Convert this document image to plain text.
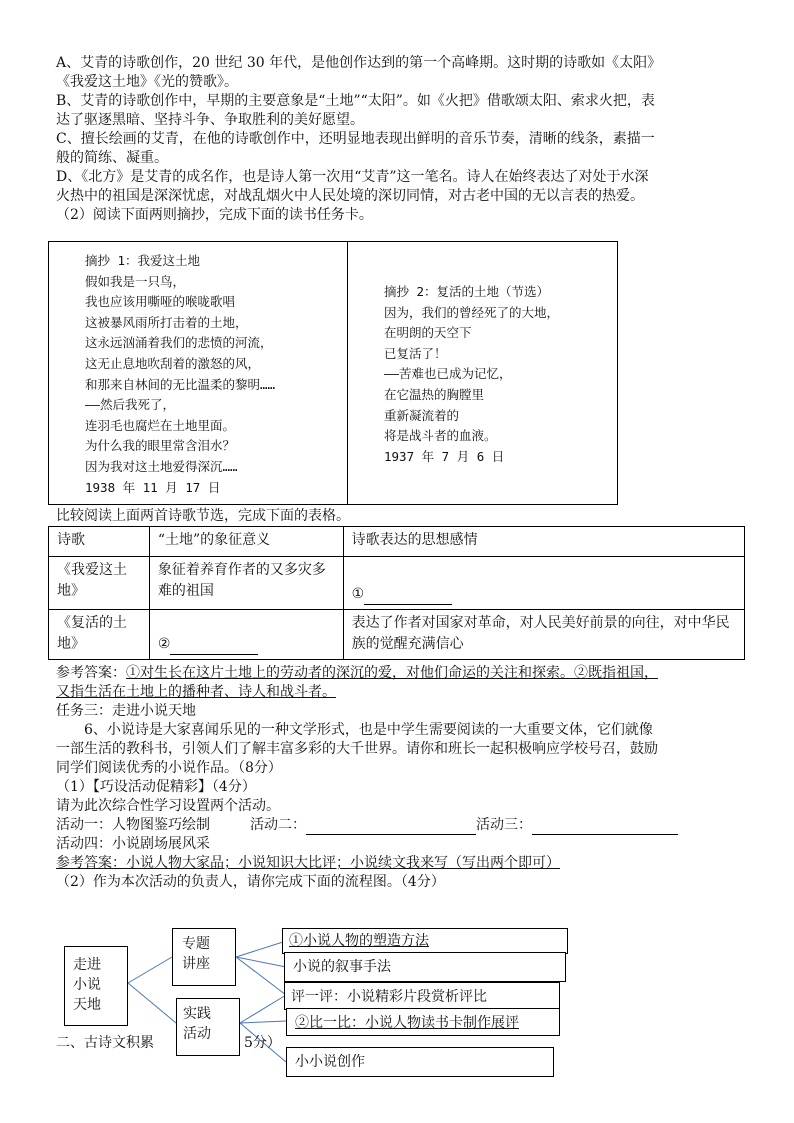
A、艾青的诗歌创作，20 世纪 30 年代，是他创作达到的第一个高峰期。这时期的诗歌如《太阳》

《我爱这土地》《光的赞歌》。

B、艾青的诗歌创作中，早期的主要意象是“土地”“太阳”。如《火把》借歌颂太阳、索求火把，表

达了驱逐黑暗、坚持斗争、争取胜利的美好愿望。

C、擅长绘画的艾青，在他的诗歌创作中，还明显地表现出鲜明的音乐节奏，清晰的线条，素描一

般的简练、凝重。

D、《北方》是艾青的成名作，也是诗人第一次用“艾青”这一笔名。诗人在始终表达了对处于水深

火热中的祖国是深深忧虑，对战乱烟火中人民处境的深切同情，对古老中国的无以言表的热爱。

（2）阅读下面两则摘抄，完成下面的读书任务卡。

摘抄 1：我爱这土地
假如我是一只鸟，
我也应该用嘶哑的喉咙歌唱
这被暴风雨所打击着的土地，
这永远汹涌着我们的悲愤的河流，
这无止息地吹刮着的激怒的风，
和那来自林间的无比温柔的黎明……
——然后我死了，
连羽毛也腐烂在土地里面。
为什么我的眼里常含泪水？
因为我对这土地爱得深沉……
1938 年 11 月 17 日
摘抄 2：复活的土地（节选）
因为，我们的曾经死了的大地，
在明朗的天空下
已复活了！
——苦难也已成为记忆，
在它温热的胸膛里
重新凝流着的
将是战斗者的血液。
1937 年 7 月 6 日

比较阅读上面两首诗歌节选，完成下面的表格。

诗歌	“土地”的象征意义	诗歌表达的思想感情
《我爱这土地》	象征着养育作者的又多灾多难的祖国	①
《复活的土地》	②	表达了作者对国家对革命，对人民美好前景的向往，对中华民族的觉醒充满信心

参考答案：①对生长在这片土地上的劳动者的深沉的爱，对他们命运的关注和探索。②既指祖国，

又指生活在土地上的播种者、诗人和战斗者。

任务三：走进小说天地

6、小说诗是大家喜闻乐见的一种文学形式，也是中学生需要阅读的一大重要文体，它们就像

一部生活的教科书，引领人们了解丰富多彩的大千世界。请你和班长一起积极响应学校号召，鼓励

同学们阅读优秀的小说作品。（8分）

（1）【巧设活动促精彩】（4分）

请为此次综合性学习设置两个活动。

活动一：人物图鉴巧绘制	活动二：	活动三：

活动四：小说剧场展风采

参考答案：小说人物大家品；小说知识大比评；小说续文我来写（写出两个即可）

（2）作为本次活动的负责人，请你完成下面的流程图。（4分）

走进
小说
天地
专题
讲座
实践
活动
①小说人物的塑造方法
小说的叙事手法
评一评：小说精彩片段赏析评比
②比一比：小说人物读书卡制作展评
小小说创作
二、古诗文积累	5分）
